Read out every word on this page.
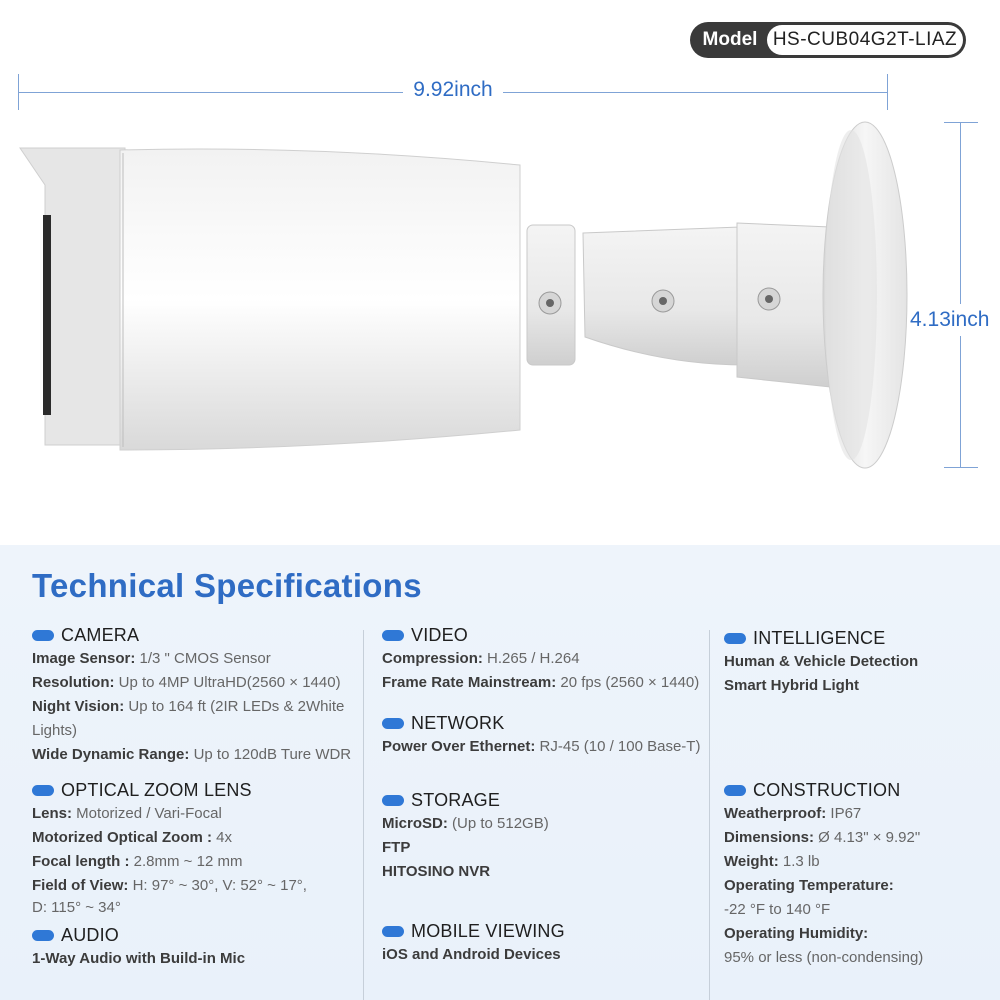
Model HS-CUB04G2T-LIAZ
9.92inch
4.13inch
Technical Specifications
CAMERA
Image Sensor: 1/3 " CMOS Sensor
Resolution: Up to 4MP UltraHD(2560 × 1440)
Night Vision: Up to 164 ft (2IR LEDs & 2White
Lights)
Wide Dynamic Range: Up to 120dB Ture WDR
OPTICAL ZOOM LENS
Lens: Motorized / Vari-Focal
Motorized Optical Zoom : 4x
Focal length : 2.8mm ~ 12 mm
Field of View: H: 97° ~ 30°, V: 52° ~ 17°,
D: 115° ~ 34°
AUDIO
1-Way Audio with Build-in Mic
VIDEO
Compression: H.265 / H.264
Frame Rate Mainstream: 20 fps (2560 × 1440)
NETWORK
Power Over Ethernet: RJ-45 (10 / 100 Base-T)
STORAGE
MicroSD: (Up to 512GB)
FTP
HITOSINO NVR
MOBILE VIEWING
iOS and Android Devices
INTELLIGENCE
Human & Vehicle Detection
Smart Hybrid Light
CONSTRUCTION
Weatherproof: IP67
Dimensions: Ø 4.13" × 9.92"
Weight: 1.3 lb
Operating Temperature:
-22 °F to 140 °F
Operating Humidity:
95% or less (non-condensing)
